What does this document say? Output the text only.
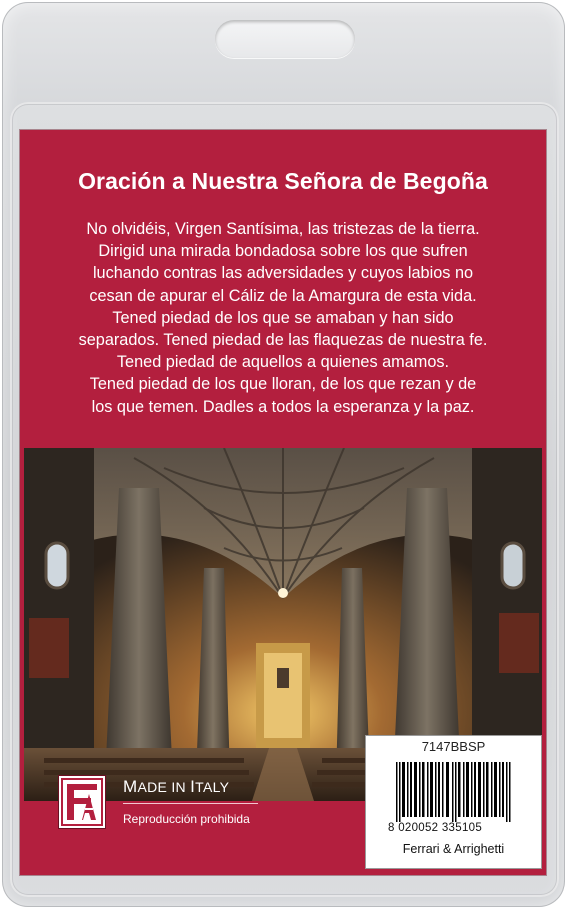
Oración a Nuestra Señora de Begoña
No olvidéis, Virgen Santísima, las tristezas de la tierra.
Dirigid una mirada bondadosa sobre los que sufren
luchando contras las adversidades y cuyos labios no
cesan de apurar el Cáliz de la Amargura de esta vida.
Tened piedad de los que se amaban y han sido
separados. Tened piedad de las flaquezas de nuestra fe.
Tened piedad de aquellos a quienes amamos.
Tened piedad de los que lloran, de los que rezan y de
los que temen. Dadles a todos la esperanza y la paz.
7147BBSP
8 020052 335105
Ferrari & Arrighetti
MADE IN ITALY
Reproducción prohibida
